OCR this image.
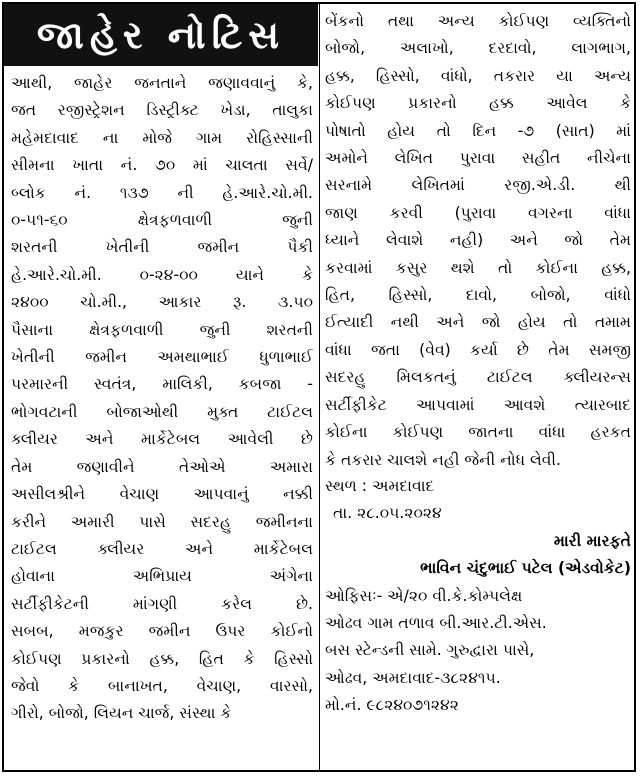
જાહેર નોટિસ
આથી, જાહેર જનતાને જણાવવાનું કે,
જત રજીસ્ટ્રેશન ડિસ્ટ્રીક્ટ ખેડા, તાલુકા
મહેમદાવાદ ના મોજે ગામ રોહિસ્સાની
સીમના ખાતા નં. ૭૦ માં ચાલતા સર્વે/
બ્લોક નં. ૧૩૭ ની હે.આરે.ચો.મી.
૦-૫૧-૬૦ ક્ષેત્રફળવાળી જુની
શરતની ખેતીની જમીન પૈકી
હે.આરે.ચો.મી. ૦-૨૪-૦૦ યાને કે
૨૪૦૦ ચો.મી., આકાર રૂ. ૩.૫૦
પૈસાના ક્ષેત્રફળવાળી જુની શરતની
ખેતીની જમીન અમથાભાઈ ધુળાભાઈ
પરમારની સ્વતંત્ર, માલિકી, કબજા -
ભોગવટાની બોજાઓથી મુક્ત ટાઈટલ
ક્લીયર અને માર્કેટેબલ આવેલી છે
તેમ જણાવીને તેઓએ અમારા
અસીલશ્રીને વેચાણ આપવાનું નક્કી
કરીને અમારી પાસે સદરહુ જમીનના
ટાઈટલ ક્લીયર અને માર્કેટેબલ
હોવાના અભિપ્રાય અંગેના
સર્ટીફીકેટની માંગણી કરેલ છે.
સબબ, મજકુર જમીન ઉપર કોઈનો
કોઈપણ પ્રકારનો હક્ક, હિત કે હિસ્સો
જેવો કે બાનાખત, વેચાણ, વારસો,
ગીરો, બોજો, લિયન ચાર્જ, સંસ્થા કે
બેંકનો તથા અન્ય કોઈપણ વ્યક્તિનો
બોજો, અલાખો, દરદાવો, લાગભાગ,
હક્ક, હિસ્સો, વાંધો, તકરાર યા અન્ય
કોઈપણ પ્રકારનો હક્ક આવેલ કે
પોષાતો હોય તો દિન -૭ (સાત) માં
અમોને લેખિત પુરાવા સહીત નીચેના
સરનામે લેખિતમાં રજી.એ.ડી. થી
જાણ કરવી (પુરાવા વગરના વાંધા
ધ્યાને લેવાશે નહી) અને જો તેમ
કરવામાં કસુર થશે તો કોઈના હક્ક,
હિત, હિસ્સો, દાવો, બોજો, વાંધો
ઈત્યાદી નથી અને જો હોય તો તમામ
વાંધા જતા (વેવ) કર્યા છે તેમ સમજી
સદરહુ મિલકતનું ટાઈટલ ક્લીયરન્સ
સર્ટીફીકેટ આપવામાં આવશે ત્યારબાદ
કોઈના કોઈપણ જાતના વાંધા હરકત
કે તકરાર ચાલશે નહી જેની નોધ લેવી.
સ્થળ : અમદાવાદ
તા. ૨૮.૦૫.૨૦૨૪
મારી મારફતે
ભાવિન ચંદુભાઈ પટેલ (એડવોકેટ)
ઓફિસઃ- એ/૨૦ વી.કે.કોમ્પલેક્ષ
ઓઢવ ગામ તળાવ બી.આર.ટી.એસ.
બસ સ્ટેન્ડની સામે. ગુરુદ્વારા પાસે,
ઓઢવ, અમદાવાદ-૩૮૨૪૧૫.
મો.નં. ૯૮૨૪૦૭૧૨૪૨
